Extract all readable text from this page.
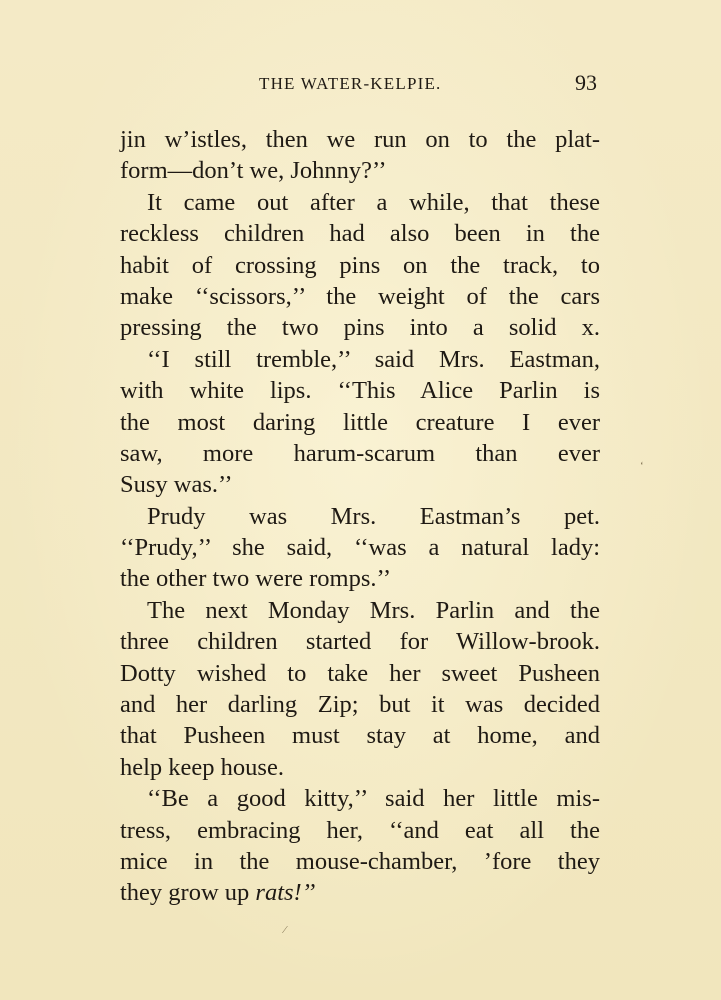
THE WATER-KELPIE.	93
jin w’istles, then we run on to the plat-
form—don’t we, Johnny?’’
It came out after a while, that these
reckless children had also been in the
habit of crossing pins on the track, to
make ‘‘scissors,’’ the weight of the cars
pressing the two pins into a solid x.
‘‘I still tremble,’’ said Mrs. Eastman,
with white lips. ‘‘This Alice Parlin is
the most daring little creature I ever
saw, more harum-scarum than ever
Susy was.’’
Prudy was Mrs. Eastman’s pet.
‘‘Prudy,’’ she said, ‘‘was a natural lady:
the other two were romps.’’
The next Monday Mrs. Parlin and the
three children started for Willow-brook.
Dotty wished to take her sweet Pusheen
and her darling Zip; but it was decided
that Pusheen must stay at home, and
help keep house.
‘‘Be a good kitty,’’ said her little mis-
tress, embracing her, ‘‘and eat all the
mice in the mouse-chamber, ’fore they
they grow up rats!’’
‘
⁄
